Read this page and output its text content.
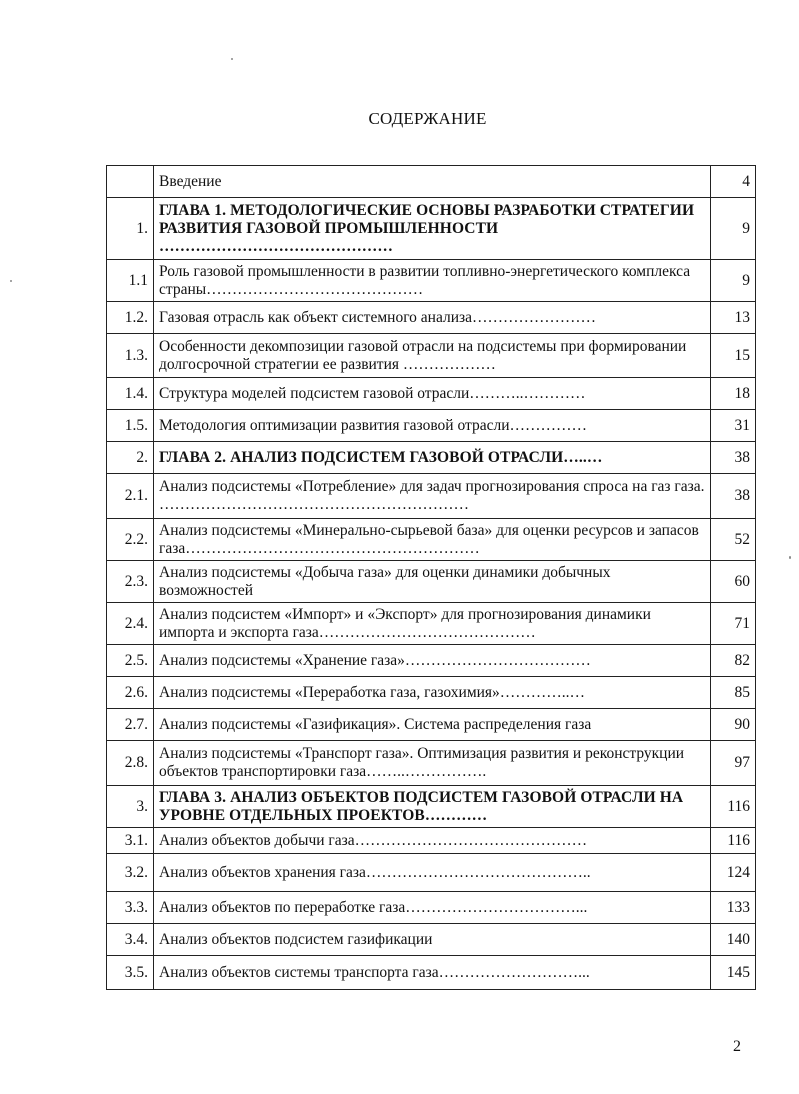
СОДЕРЖАНИЕ
	Введение	4
1.	ГЛАВА 1. МЕТОДОЛОГИЧЕСКИЕ ОСНОВЫ РАЗРАБОТКИ СТРАТЕГИИ РАЗВИТИЯ ГАЗОВОЙ ПРОМЫШЛЕННОСТИ ………………………………………	9
1.1	Роль газовой промышленности в развитии топливно-энергетического комплекса страны……………………………………	9
1.2.	Газовая отрасль как объект системного анализа……………………	13
1.3.	Особенности декомпозиции газовой отрасли на подсистемы при формировании долгосрочной стратегии ее развития ………………	15
1.4.	Структура моделей подсистем газовой отрасли………..…………	18
1.5.	Методология оптимизации развития газовой отрасли……………	31
2.	ГЛАВА 2. АНАЛИЗ ПОДСИСТЕМ ГАЗОВОЙ ОТРАСЛИ…..…	38
2.1.	Анализ подсистемы «Потребление» для задач прогнозирования спроса на газ газа. ……………………………………………………	38
2.2.	Анализ подсистемы «Минерально-сырьевой база» для оценки ресурсов и запасов газа…………………………………………………	52
2.3.	Анализ подсистемы «Добыча газа» для оценки динамики добычных возможностей	60
2.4.	Анализ подсистем «Импорт» и «Экспорт» для прогнозирования динамики импорта и экспорта газа……………………………………	71
2.5.	Анализ подсистемы «Хранение газа»………………………………	82
2.6.	Анализ подсистемы «Переработка газа, газохимия»…………..…	85
2.7.	Анализ подсистемы «Газификация». Система распределения газа	90
2.8.	Анализ подсистемы «Транспорт газа». Оптимизация развития и реконструкции объектов транспортировки газа……..…………….	97
3.	ГЛАВА 3. АНАЛИЗ ОБЪЕКТОВ ПОДСИСТЕМ ГАЗОВОЙ ОТРАСЛИ НА УРОВНЕ ОТДЕЛЬНЫХ ПРОЕКТОВ…………	116
3.1.	Анализ объектов добычи газа………………………………………	116
3.2.	Анализ объектов хранения газа……………………………………..	124
3.3.	Анализ объектов по переработке газа……………………………...	133
3.4.	Анализ объектов подсистем газификации	140
3.5.	Анализ объектов системы транспорта газа………………………...	145
2
